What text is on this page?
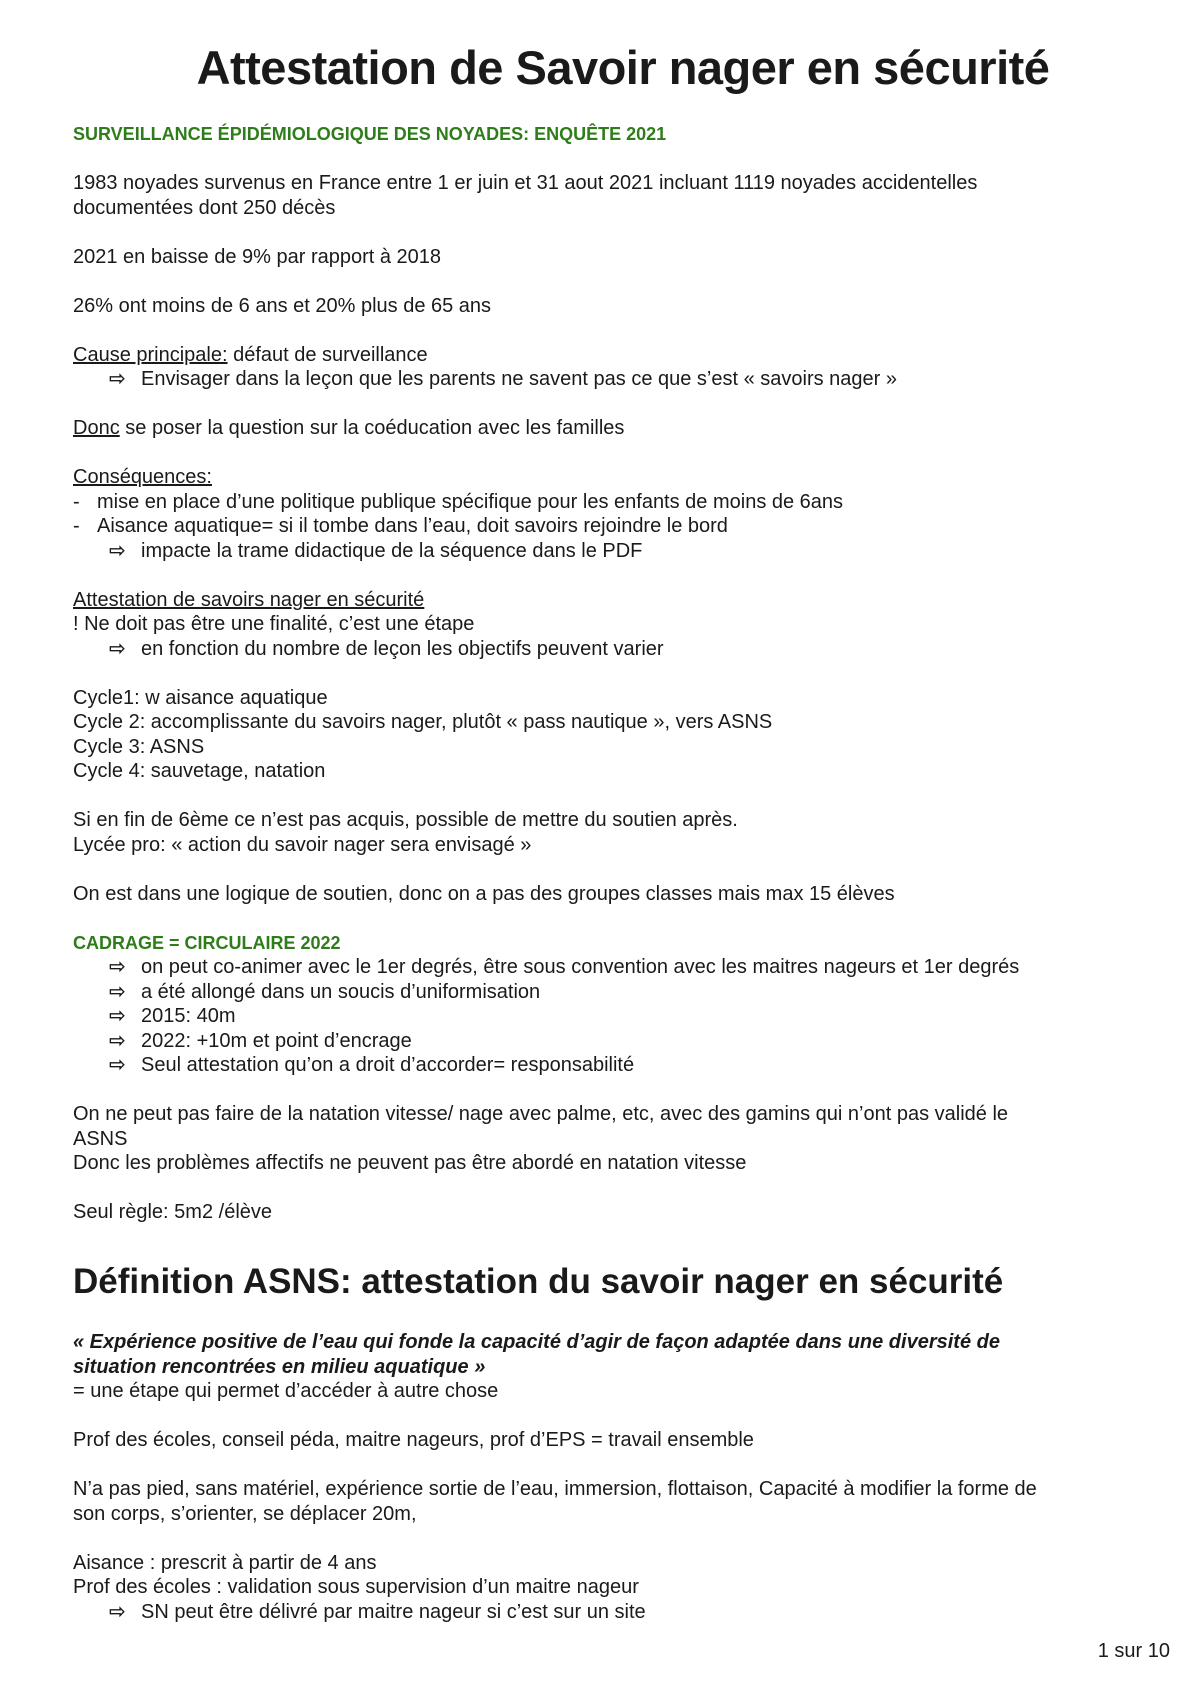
Attestation de Savoir nager en sécurité
SURVEILLANCE ÉPIDÉMIOLOGIQUE DES NOYADES: ENQUÊTE 2021
1983 noyades survenus en France entre 1 er juin et 31 aout 2021 incluant 1119 noyades accidentelles
documentées dont 250 décès
2021 en baisse de 9% par rapport à 2018
26% ont moins de 6 ans et 20% plus de 65 ans
Cause principale: défaut de surveillance
⇨ Envisager dans la leçon que les parents ne savent pas ce que s’est « savoirs nager »
Donc se poser la question sur la coéducation avec les familles
Conséquences:
- mise en place d’une politique publique spécifique pour les enfants de moins de 6ans
- Aisance aquatique= si il tombe dans l’eau, doit savoirs rejoindre le bord
⇨ impacte la trame didactique de la séquence dans le PDF
Attestation de savoirs nager en sécurité
! Ne doit pas être une finalité, c’est une étape
⇨ en fonction du nombre de leçon les objectifs peuvent varier
Cycle1: w aisance aquatique
Cycle 2: accomplissante du savoirs nager, plutôt « pass nautique », vers ASNS
Cycle 3: ASNS
Cycle 4: sauvetage, natation
Si en fin de 6ème ce n’est pas acquis, possible de mettre du soutien après.
Lycée pro: « action du savoir nager sera envisagé »
On est dans une logique de soutien, donc on a pas des groupes classes mais max 15 élèves
CADRAGE = CIRCULAIRE 2022
⇨ on peut co-animer avec le 1er degrés, être sous convention avec les maitres nageurs et 1er degrés
⇨ a été allongé dans un soucis d’uniformisation
⇨ 2015: 40m
⇨ 2022: +10m et point d’encrage
⇨ Seul attestation qu’on a droit d’accorder= responsabilité
On ne peut pas faire de la natation vitesse/ nage avec palme, etc, avec des gamins qui n’ont pas validé le
ASNS
Donc les problèmes affectifs ne peuvent pas être abordé en natation vitesse
Seul règle: 5m2 /élève
Définition ASNS: attestation du savoir nager en sécurité
« Expérience positive de l’eau qui fonde la capacité d’agir de façon adaptée dans une diversité de
situation rencontrées en milieu aquatique »
= une étape qui permet d’accéder à autre chose
Prof des écoles, conseil péda, maitre nageurs, prof d’EPS = travail ensemble
N’a pas pied, sans matériel, expérience sortie de l’eau, immersion, flottaison, Capacité à modifier la forme de
son corps, s’orienter, se déplacer 20m,
Aisance : prescrit à partir de 4 ans
Prof des écoles : validation sous supervision d’un maitre nageur
⇨ SN peut être délivré par maitre nageur si c’est sur un site
1 sur 10
